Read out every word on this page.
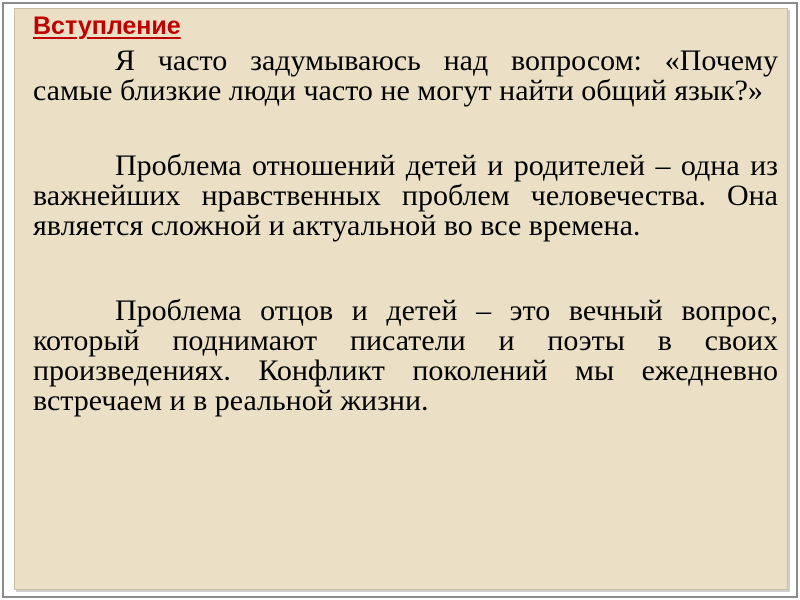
Вступление

Я часто задумываюсь над вопросом: «Почему самые близкие люди часто не могут найти общий язык?»

Проблема отношений детей и родителей – одна из важнейших нравственных проблем человечества. Она является сложной и актуальной во все времена.

Проблема отцов и детей – это вечный вопрос, который поднимают писатели и поэты в своих произведениях. Конфликт поколений мы ежедневно встречаем и в реальной жизни.
